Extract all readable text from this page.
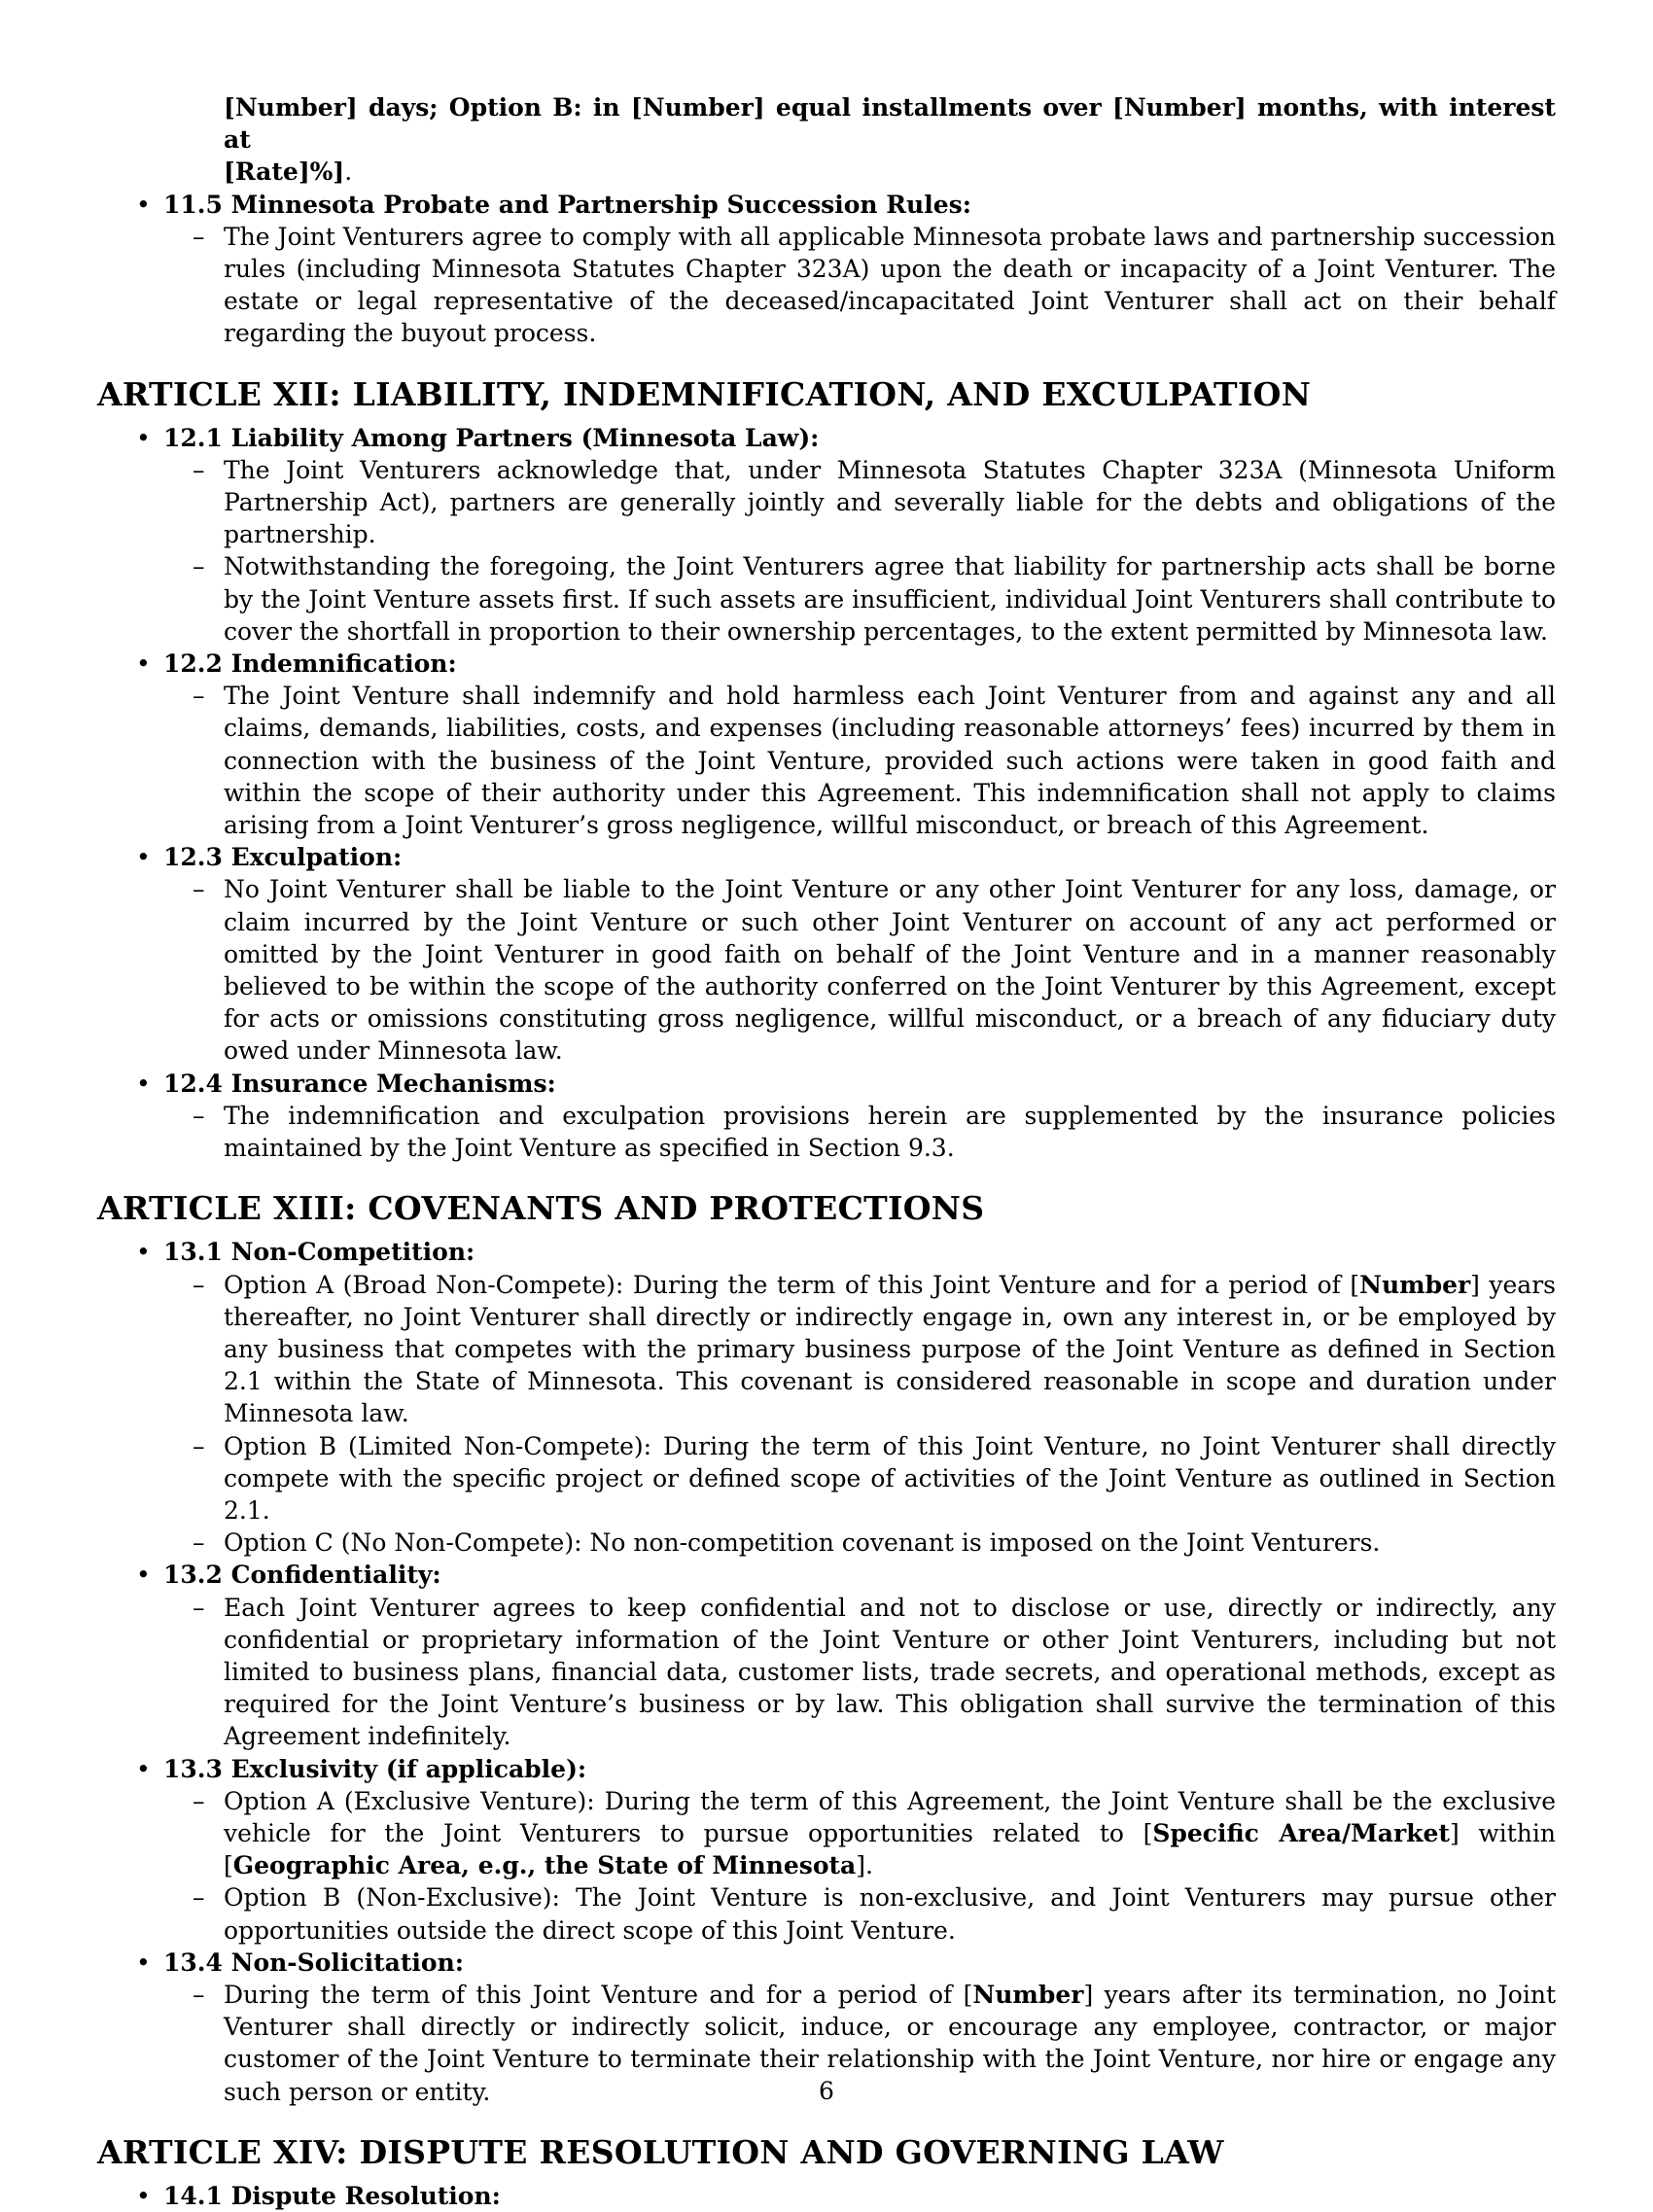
[Number] days; Option B: in [Number] equal installments over [Number] months, with interest at
[Rate]%].
• 11.5 Minnesota Probate and Partnership Succession Rules:
– The Joint Venturers agree to comply with all applicable Minnesota probate laws and partnership succession rules (including Minnesota Statutes Chapter 323A) upon the death or incapacity of a Joint Venturer. The estate or legal representative of the deceased/incapacitated Joint Venturer shall act on their behalf regarding the buyout process.
ARTICLE XII: LIABILITY, INDEMNIFICATION, AND EXCULPATION
• 12.1 Liability Among Partners (Minnesota Law):
– The Joint Venturers acknowledge that, under Minnesota Statutes Chapter 323A (Minnesota Uniform Partnership Act), partners are generally jointly and severally liable for the debts and obligations of the partnership.
– Notwithstanding the foregoing, the Joint Venturers agree that liability for partnership acts shall be borne by the Joint Venture assets first. If such assets are insufficient, individual Joint Venturers shall contribute to cover the shortfall in proportion to their ownership percentages, to the extent permitted by Minnesota law.
• 12.2 Indemnification:
– The Joint Venture shall indemnify and hold harmless each Joint Venturer from and against any and all claims, demands, liabilities, costs, and expenses (including reasonable attorneys’ fees) incurred by them in connection with the business of the Joint Venture, provided such actions were taken in good faith and within the scope of their authority under this Agreement. This indemnification shall not apply to claims arising from a Joint Venturer’s gross negligence, willful misconduct, or breach of this Agreement.
• 12.3 Exculpation:
– No Joint Venturer shall be liable to the Joint Venture or any other Joint Venturer for any loss, damage, or claim incurred by the Joint Venture or such other Joint Venturer on account of any act performed or omitted by the Joint Venturer in good faith on behalf of the Joint Venture and in a manner reasonably believed to be within the scope of the authority conferred on the Joint Venturer by this Agreement, except for acts or omissions constituting gross negligence, willful misconduct, or a breach of any fiduciary duty owed under Minnesota law.
• 12.4 Insurance Mechanisms:
– The indemnification and exculpation provisions herein are supplemented by the insurance policies maintained by the Joint Venture as specified in Section 9.3.
ARTICLE XIII: COVENANTS AND PROTECTIONS
• 13.1 Non-Competition:
– Option A (Broad Non-Compete): During the term of this Joint Venture and for a period of [Number] years thereafter, no Joint Venturer shall directly or indirectly engage in, own any interest in, or be employed by any business that competes with the primary business purpose of the Joint Venture as defined in Section 2.1 within the State of Minnesota. This covenant is considered reasonable in scope and duration under Minnesota law.
– Option B (Limited Non-Compete): During the term of this Joint Venture, no Joint Venturer shall directly compete with the specific project or defined scope of activities of the Joint Venture as outlined in Section 2.1.
– Option C (No Non-Compete): No non-competition covenant is imposed on the Joint Venturers.
• 13.2 Confidentiality:
– Each Joint Venturer agrees to keep confidential and not to disclose or use, directly or indirectly, any confidential or proprietary information of the Joint Venture or other Joint Venturers, including but not limited to business plans, financial data, customer lists, trade secrets, and operational methods, except as required for the Joint Venture’s business or by law. This obligation shall survive the termination of this Agreement indefinitely.
• 13.3 Exclusivity (if applicable):
– Option A (Exclusive Venture): During the term of this Agreement, the Joint Venture shall be the exclusive vehicle for the Joint Venturers to pursue opportunities related to [Specific Area/Market] within [Geographic Area, e.g., the State of Minnesota].
– Option B (Non-Exclusive): The Joint Venture is non-exclusive, and Joint Venturers may pursue other opportunities outside the direct scope of this Joint Venture.
• 13.4 Non-Solicitation:
– During the term of this Joint Venture and for a period of [Number] years after its termination, no Joint Venturer shall directly or indirectly solicit, induce, or encourage any employee, contractor, or major customer of the Joint Venture to terminate their relationship with the Joint Venture, nor hire or engage any such person or entity.
ARTICLE XIV: DISPUTE RESOLUTION AND GOVERNING LAW
• 14.1 Dispute Resolution:
6
